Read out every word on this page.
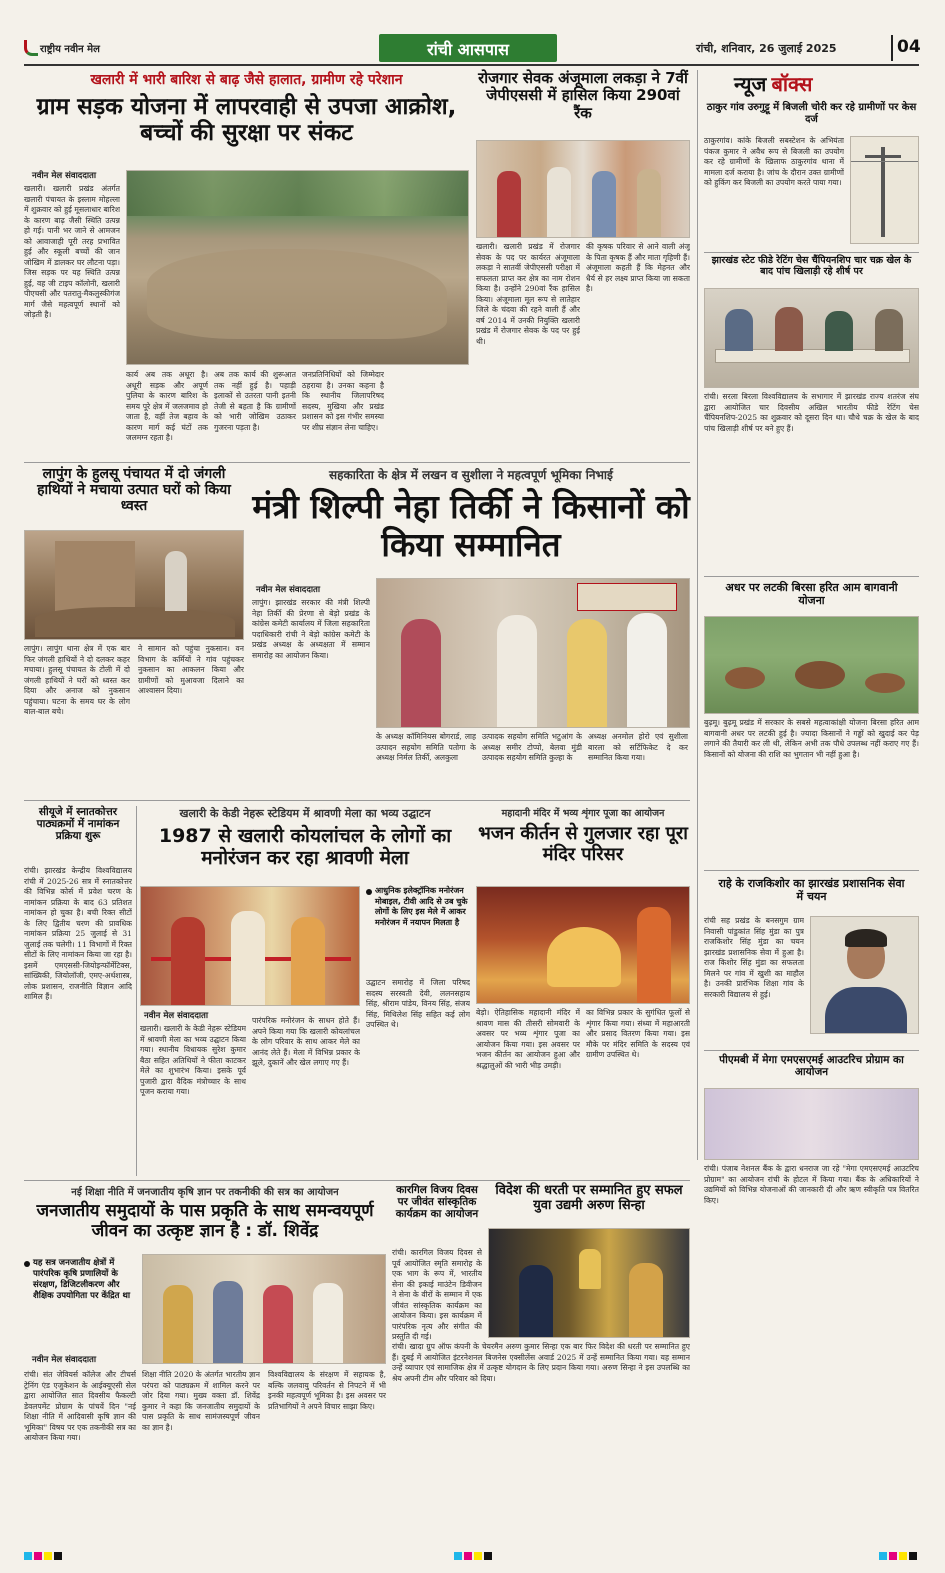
राष्ट्रीय नवीन मेल	रांची आसपास	रांची, शनिवार, 26 जुलाई 2025	04
खलारी में भारी बारिश से बाढ़ जैसे हालात, ग्रामीण रहे परेशान
ग्राम सड़क योजना में लापरवाही से उपजा आक्रोश, बच्चों की सुरक्षा पर संकट
नवीन मेल संवाददाता
खलारी। खलारी प्रखंड अंतर्गत खलारी पंचायत के इस्लाम मोहल्ला में शुक्रवार को हुई मूसलाधार बारिश के कारण बाढ़ जैसी स्थिति उत्पन्न हो गई। पानी भर जाने से आमजन को आवाजाही पूरी तरह प्रभावित हुई और स्कूली बच्चों की जान जोखिम में डालकर घर लौटना पड़ा। जिस सड़क पर यह स्थिति उत्पन्न हुई, वह जी टाइप कॉलोनी, खलारी पीएचसी और पतरातु-मैकलुस्कीगंज मार्ग जैसे महत्वपूर्ण स्थानों को जोड़ती है।
कार्य अब तक अधूरा है। अधूरी सड़क और अपूर्ण पुलिया के कारण बारिश के समय पूरे क्षेत्र में जलजमाव हो जाता है, वहीं तेज बहाव के कारण मार्ग कई घंटों तक जलमग्न रहता है।
अब तक कार्य की शुरूआत तक नहीं हुई है। पहाड़ी इलाकों से उतरता पानी इतनी तेजी से बहता है कि ग्रामीणों को भारी जोखिम उठाकर गुजरना पड़ता है।
जनप्रतिनिधियों को जिम्मेदार ठहराया है। उनका कहना है कि स्थानीय जिलापरिषद सदस्य, मुखिया और प्रखंड प्रशासन को इस गंभीर समस्या पर शीघ्र संज्ञान लेना चाहिए।
रोजगार सेवक अंजूमाला लकड़ा ने 7वीं जेपीएससी में हासिल किया 290वां रैंक
खलारी। खलारी प्रखंड में रोजगार सेवक के पद पर कार्यरत अंजूमाला लकड़ा ने सातवीं जेपीएससी परीक्षा में सफलता प्राप्त कर क्षेत्र का नाम रोशन किया है। उन्होंने 290वां रैंक हासिल किया। अंजूमाला मूल रूप से लातेहार जिले के चंदवा की रहने वाली हैं और वर्ष 2014 में उनकी नियुक्ति खलारी प्रखंड में रोजगार सेवक के पद पर हुई थी।
की कृषक परिवार से आने वाली अंजू के पिता कृषक हैं और माता गृहिणी हैं। अंजूमाला कहती हैं कि मेहनत और धैर्य से हर लक्ष्य प्राप्त किया जा सकता है।
न्यूज बॉक्स
ठाकुर गांव उरुगुट्टू में बिजली चोरी कर रहे ग्रामीणों पर केस दर्ज
ठाकुरगांव। कांके बिजली सबस्टेशन के अभियंता पंकज कुमार ने अवैध रूप से बिजली का उपयोग कर रहे ग्रामीणों के खिलाफ ठाकुरगांव थाना में मामला दर्ज कराया है। जांच के दौरान उक्त ग्रामीणों को हुकिंग कर बिजली का उपयोग करते पाया गया।
झारखंड स्टेट फीडे रेटिंग चेस चैंपियनशिप चार चक्र खेल के बाद पांच खिलाड़ी रहे शीर्ष पर
रांची। सरला बिरला विश्वविद्यालय के सभागार में झारखंड राज्य शतरंज संघ द्वारा आयोजित चार दिवसीय अखिल भारतीय फीडे रेटिंग चेस चैंपियनशिप-2025 का शुक्रवार को दूसरा दिन था। चौथे चक्र के खेल के बाद पांच खिलाड़ी शीर्ष पर बने हुए हैं।
अधर पर लटकी बिरसा हरित आम बागवानी योजना
बुढ़मू। बुढ़मू प्रखंड में सरकार के सबसे महत्वाकांक्षी योजना बिरसा हरित आम बागवानी अधर पर लटकी हुई है। ज्यादा किसानों ने गड्ढों को खुदाई कर पेड़ लगाने की तैयारी कर ली थी, लेकिन अभी तक पौधे उपलब्ध नहीं कराए गए हैं। किसानों को योजना की राशि का भुगतान भी नहीं हुआ है।
राहे के राजकिशोर का झारखंड प्रशासनिक सेवा में चयन
रांची सह प्रखंड के बनसगुम ग्राम निवासी पांडुकांत सिंह मुंडा का पुत्र राजकिशोर सिंह मुंडा का चयन झारखंड प्रशासनिक सेवा में हुआ है। राज किशोर सिंह मुंडा का सफलता मिलने पर गांव में खुशी का माहौल है। उनकी प्रारंभिक शिक्षा गांव के सरकारी विद्यालय से हुई।
पीएमबी में मेगा एमएसएमई आउटरिच प्रोग्राम का आयोजन
रांची। पंजाब नेशनल बैंक के द्वारा धनराज जा रहे "मेगा एमएसएमई आउटरिच प्रोग्राम" का आयोजन रांची के होटल में किया गया। बैंक के अधिकारियों ने उद्यमियों को विभिन्न योजनाओं की जानकारी दी और ऋण स्वीकृति पत्र वितरित किए।
लापुंग के हुलसू पंचायत में दो जंगली हाथियों ने मचाया उत्पात घरों को किया ध्वस्त
लापुंग। लापुंग थाना क्षेत्र में एक बार फिर जंगली हाथियों ने दो दलकर कहर मचाया। हुलसू पंचायत के टोली में दो जंगली हाथियों ने घरों को ध्वस्त कर दिया और अनाज को नुकसान पहुंचाया। घटना के समय घर के लोग बाल-बाल बचे।
ने सामान को पहुंचा नुकसान। वन विभाग के कर्मियों ने गांव पहुंचकर नुकसान का आकलन किया और ग्रामीणों को मुआवजा दिलाने का आश्वासन दिया।
सहकारिता के क्षेत्र में लखन व सुशीला ने महत्वपूर्ण भूमिका निभाई
मंत्री शिल्पी नेहा तिर्की ने किसानों को किया सम्मानित
नवीन मेल संवाददाता
लापुंग। झारखंड सरकार की मंत्री शिल्पी नेहा तिर्की की प्रेरणा से बेड़ो प्रखंड के कांग्रेस कमेटी कार्यालय में जिला सहकारिता पदाधिकारी रांची ने बेड़ो कांग्रेस कमेटी के प्रखंड अध्यक्ष के अध्यक्षता में सम्मान समारोह का आयोजन किया।
के अध्यक्ष कॉमिनियस बोगरार्ड, लाह उत्पादन सहयोग समिति पतोगा के अध्यक्ष निर्मल तिर्की, अलकुला
उत्पादक सहयोग समिति भटुआंग के अध्यक्ष समीर टोप्पो, बेलवा मुंडी उत्पादक सहयोग समिति कुल्हा के
अध्यक्ष अनमोल होरो एवं सुशीला बारला को सर्टिफिकेट दे कर सम्मानित किया गया।
सीयूजे में स्नातकोत्तर पाठ्यक्रमों में नामांकन प्रक्रिया शुरू
रांची। झारखंड केन्द्रीय विश्वविद्यालय रांची में 2025-26 सत्र में स्नातकोत्तर की विभिन्न कोर्स में प्रवेश चरण के नामांकन प्रक्रिया के बाद 63 प्रतिशत नामांकन हो चुका है। बची रिक्त सीटों के लिए द्वितीय चरण की प्रावधिक नामांकन प्रक्रिया 25 जुलाई से 31 जुलाई तक चलेगी। 11 विभागों में रिक्त सीटों के लिए नामांकन किया जा रहा है। इसमें एमएससी-जियोइन्फॉर्मेटिक्स, सांख्यिकी, जियोलॉजी, एमए-अर्थशास्त्र, लोक प्रशासन, राजनीति विज्ञान आदि शामिल हैं।
खलारी के केडी नेहरू स्टेडियम में श्रावणी मेला का भव्य उद्घाटन
1987 से खलारी कोयलांचल के लोगों का मनोरंजन कर रहा श्रावणी मेला
आधुनिक इलेक्ट्रॉनिक मनोरंजन मोबाइल, टीवी आदि से उब चुके लोगों के लिए इस मेले में आकर मनोरंजन में नयापन मिलता है
उद्घाटन समारोह में जिला परिषद सदस्य सरस्वती देवी, ललनसहाय सिंह, श्रीराम पांडेय, विनय सिंह, संजय सिंह, मिथिलेश सिंह सहित कई लोग उपस्थित थे।
नवीन मेल संवाददाता
खलारी। खलारी के केडी नेहरू स्टेडियम में श्रावणी मेला का भव्य उद्घाटन किया गया। स्थानीय विधायक सुरेश कुमार बैठा सहित अतिथियों ने फीता काटकर मेले का शुभारंभ किया। इसके पूर्व पुजारी द्वारा वैदिक मंत्रोच्चार के साथ पूजन कराया गया।
पारंपरिक मनोरंजन के साधन होते हैं। अपने किया गया कि खलारी कोयलांचल के लोग परिवार के साथ आकर मेले का आनंद लेते हैं। मेला में विभिन्न प्रकार के झूले, दुकानें और खेल लगाए गए हैं।
महादानी मंदिर में भव्य शृंगार पूजा का आयोजन
भजन कीर्तन से गुलजार रहा पूरा मंदिर परिसर
बेड़ो। ऐतिहासिक महादानी मंदिर में श्रावण मास की तीसरी सोमवारी के अवसर पर भव्य शृंगार पूजा का आयोजन किया गया। इस अवसर पर भजन कीर्तन का आयोजन हुआ और श्रद्धालुओं की भारी भीड़ उमड़ी।
का विभिन्न प्रकार के सुगंधित फूलों से शृंगार किया गया। संध्या में महाआरती और प्रसाद वितरण किया गया। इस मौके पर मंदिर समिति के सदस्य एवं ग्रामीण उपस्थित थे।
नई शिक्षा नीति में जनजातीय कृषि ज्ञान पर तकनीकी की सत्र का आयोजन
जनजातीय समुदायों के पास प्रकृति के साथ समन्वयपूर्ण जीवन का उत्कृष्ट ज्ञान है : डॉ. शिवेंद्र
यह सत्र जनजातीय क्षेत्रों में पारंपरिक कृषि प्रणालियों के संरक्षण, डिजिटलीकरण और शैक्षिक उपयोगिता पर केंद्रित था
नवीन मेल संवाददाता
रांची। संत जेवियर्स कॉलेज और टीचर्स ट्रेनिंग एंड एजुकेशन के आईक्यूएसी सेल द्वारा आयोजित सात दिवसीय फैकल्टी डेवलपमेंट प्रोग्राम के पांचवें दिन "नई शिक्षा नीति में आदिवासी कृषि ज्ञान की भूमिका" विषय पर एक तकनीकी सत्र का आयोजन किया गया।
शिक्षा नीति 2020 के अंतर्गत भारतीय ज्ञान परंपरा को पाठ्यक्रम में शामिल करने पर जोर दिया गया। मुख्य वक्ता डॉ. शिवेंद्र कुमार ने कहा कि जनजातीय समुदायों के पास प्रकृति के साथ सामंजस्यपूर्ण जीवन का ज्ञान है।
विश्वविद्यालय के संरक्षण में सहायक है, बल्कि जलवायु परिवर्तन से निपटने में भी इनकी महत्वपूर्ण भूमिका है। इस अवसर पर प्रतिभागियों ने अपने विचार साझा किए।
कारगिल विजय दिवस पर जीवंत सांस्कृतिक कार्यक्रम का आयोजन
रांची। कारगिल विजय दिवस से पूर्व आयोजित स्मृति समारोह के एक भाग के रूप में, भारतीय सेना की इकाई माउंटेन डिवीजन ने सेना के वीरों के सम्मान में एक जीवंत सांस्कृतिक कार्यक्रम का आयोजन किया। इस कार्यक्रम में पारंपरिक नृत्य और संगीत की प्रस्तुति दी गई।
विदेश की धरती पर सम्मानित हुए सफल युवा उद्यमी अरुण सिन्हा
रांची। खादा ग्रुप ऑफ कंपनी के चेयरमैन अरुण कुमार सिन्हा एक बार फिर विदेश की धरती पर सम्मानित हुए हैं। दुबई में आयोजित इंटरनेशनल बिजनेस एक्सीलेंस अवार्ड 2025 में उन्हें सम्मानित किया गया। यह सम्मान उन्हें व्यापार एवं सामाजिक क्षेत्र में उत्कृष्ट योगदान के लिए प्रदान किया गया। अरुण सिन्हा ने इस उपलब्धि का श्रेय अपनी टीम और परिवार को दिया।
